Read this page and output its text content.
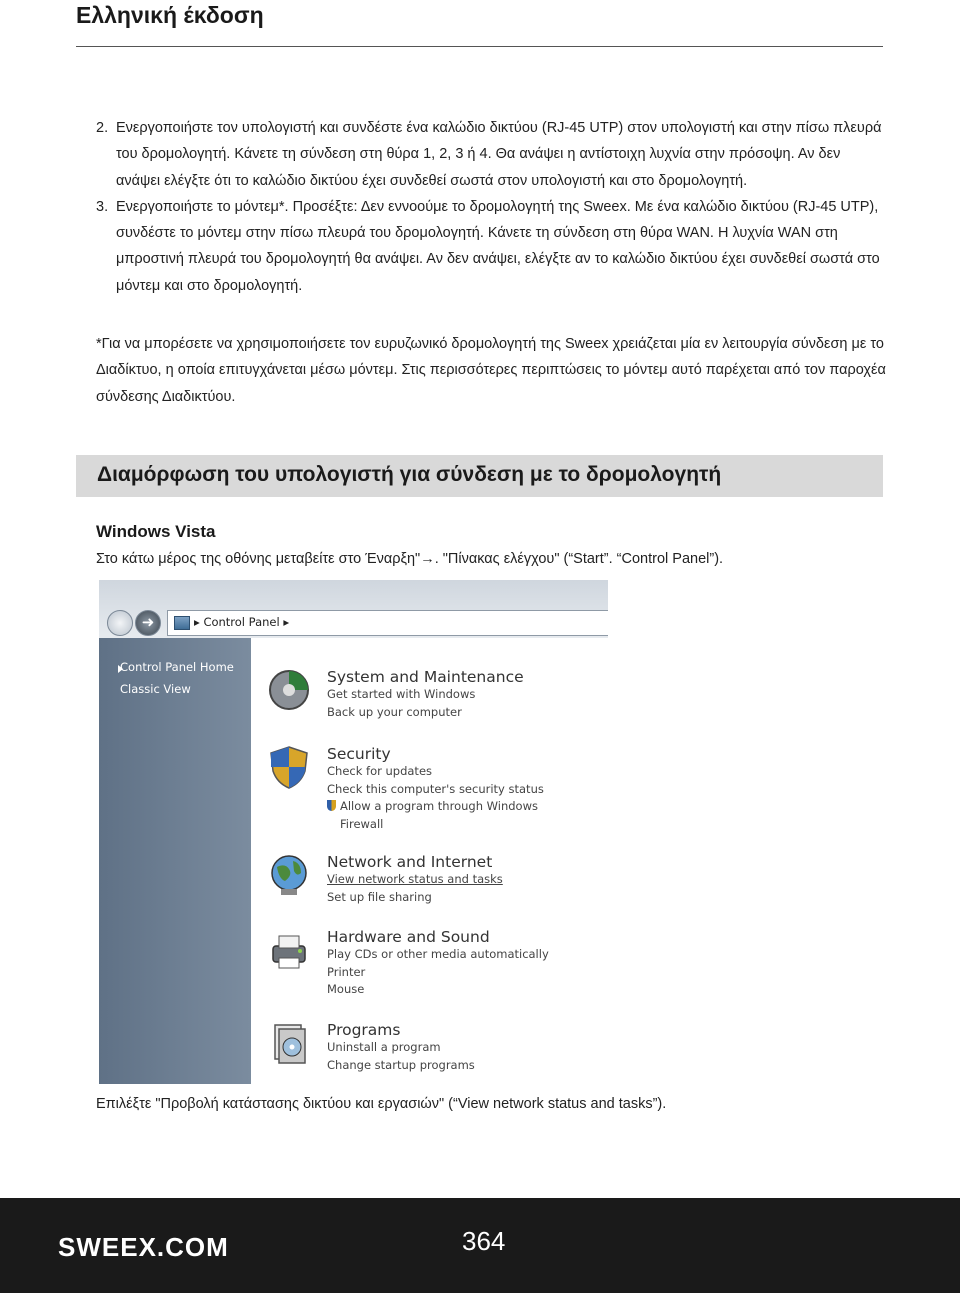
Ελληνική έκδοση

2. Ενεργοποιήστε τον υπολογιστή και συνδέστε ένα καλώδιο δικτύου (RJ-45 UTP) στον υπολογιστή και στην πίσω πλευρά του δρομολογητή. Κάνετε τη σύνδεση στη θύρα 1, 2, 3 ή 4. Θα ανάψει η αντίστοιχη λυχνία στην πρόσοψη. Αν δεν ανάψει ελέγξτε ότι το καλώδιο δικτύου έχει συνδεθεί σωστά στον υπολογιστή και στο δρομολογητή.

3. Ενεργοποιήστε το μόντεμ*. Προσέξτε: Δεν εννοούμε το δρομολογητή της Sweex. Με ένα καλώδιο δικτύου (RJ-45 UTP), συνδέστε το μόντεμ στην πίσω πλευρά του δρομολογητή. Κάνετε τη σύνδεση στη θύρα WAN. Η λυχνία WAN στη μπροστινή πλευρά του δρομολογητή θα ανάψει. Αν δεν ανάψει, ελέγξτε αν το καλώδιο δικτύου έχει συνδεθεί σωστά στο μόντεμ και στο δρομολογητή.

*Για να μπορέσετε να χρησιμοποιήσετε τον ευρυζωνικό δρομολογητή της Sweex χρειάζεται μία εν λειτουργία σύνδεση με το Διαδίκτυο, η οποία επιτυγχάνεται μέσω μόντεμ. Στις περισσότερες περιπτώσεις το μόντεμ αυτό παρέχεται από τον παροχέα σύνδεσης Διαδικτύου.

Διαμόρφωση του υπολογιστή για σύνδεση με το δρομολογητή
Windows Vista
Στο κάτω μέρος της οθόνης μεταβείτε στο Έναρξη"→. "Πίνακας ελέγχου" (“Start”. “Control Panel”).
➜	▸ Control Panel ▸
Control Panel Home
Classic View
System and Maintenance
Get started with Windows
Back up your computer
Security
Check for updates
Check this computer's security status
Allow a program through Windows
Firewall
Network and Internet
View network status and tasks
Set up file sharing
Hardware and Sound
Play CDs or other media automatically
Printer
Mouse
Programs
Uninstall a program
Change startup programs
Επιλέξτε "Προβολή κατάστασης δικτύου και εργασιών" (“View network status and tasks”).
SWEEX.COM	364
